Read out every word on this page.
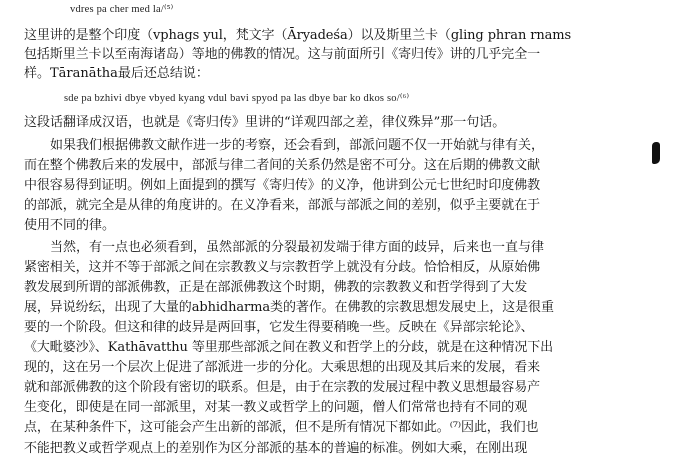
vdres pa cher med la/⁽⁵⁾
这里讲的是整个印度（vphags yul，梵文字（Āryadeśa）以及斯里兰卡（gling phran rnams
包括斯里兰卡以至南海诸岛）等地的佛教的情况。这与前面所引《寄归传》讲的几乎完全一
样。Tāranātha最后还总结说：
sde pa bzhivi dbye vbyed kyang vdul bavi spyod pa las dbye bar ko dkos so/⁽⁶⁾
这段话翻译成汉语，也就是《寄归传》里讲的“详观四部之差，律仪殊异”那一句话。
如果我们根据佛教文献作进一步的考察，还会看到，部派问题不仅一开始就与律有关，
而在整个佛教后来的发展中，部派与律二者间的关系仍然是密不可分。这在后期的佛教文献
中很容易得到证明。例如上面提到的撰写《寄归传》的义净，他讲到公元七世纪时印度佛教
的部派，就完全是从律的角度讲的。在义净看来，部派与部派之间的差别，似乎主要就在于
使用不同的律。
当然，有一点也必须看到，虽然部派的分裂最初发端于律方面的歧异，后来也一直与律
紧密相关，这并不等于部派之间在宗教教义与宗教哲学上就没有分歧。恰恰相反，从原始佛
教发展到所谓的部派佛教，正是在部派佛教这个时期，佛教的宗教教义和哲学得到了大发
展，异说纷纭，出现了大量的abhidharma类的著作。在佛教的宗教思想发展史上，这是很重
要的一个阶段。但这和律的歧异是两回事，它发生得要稍晚一些。反映在《异部宗轮论》、
《大毗婆沙》、Kathāvatthu 等里那些部派之间在教义和哲学上的分歧，就是在这种情况下出
现的，这在另一个层次上促进了部派进一步的分化。大乘思想的出现及其后来的发展，看来
就和部派佛教的这个阶段有密切的联系。但是，由于在宗教的发展过程中教义思想最容易产
生变化，即使是在同一部派里，对某一教义或哲学上的问题，僧人们常常也持有不同的观
点，在某种条件下，这可能会产生出新的部派，但不是所有情况下都如此。⁽⁷⁾因此，我们也
不能把教义或哲学观点上的差别作为区分部派的基本的普遍的标准。例如大乘，在刚出现
